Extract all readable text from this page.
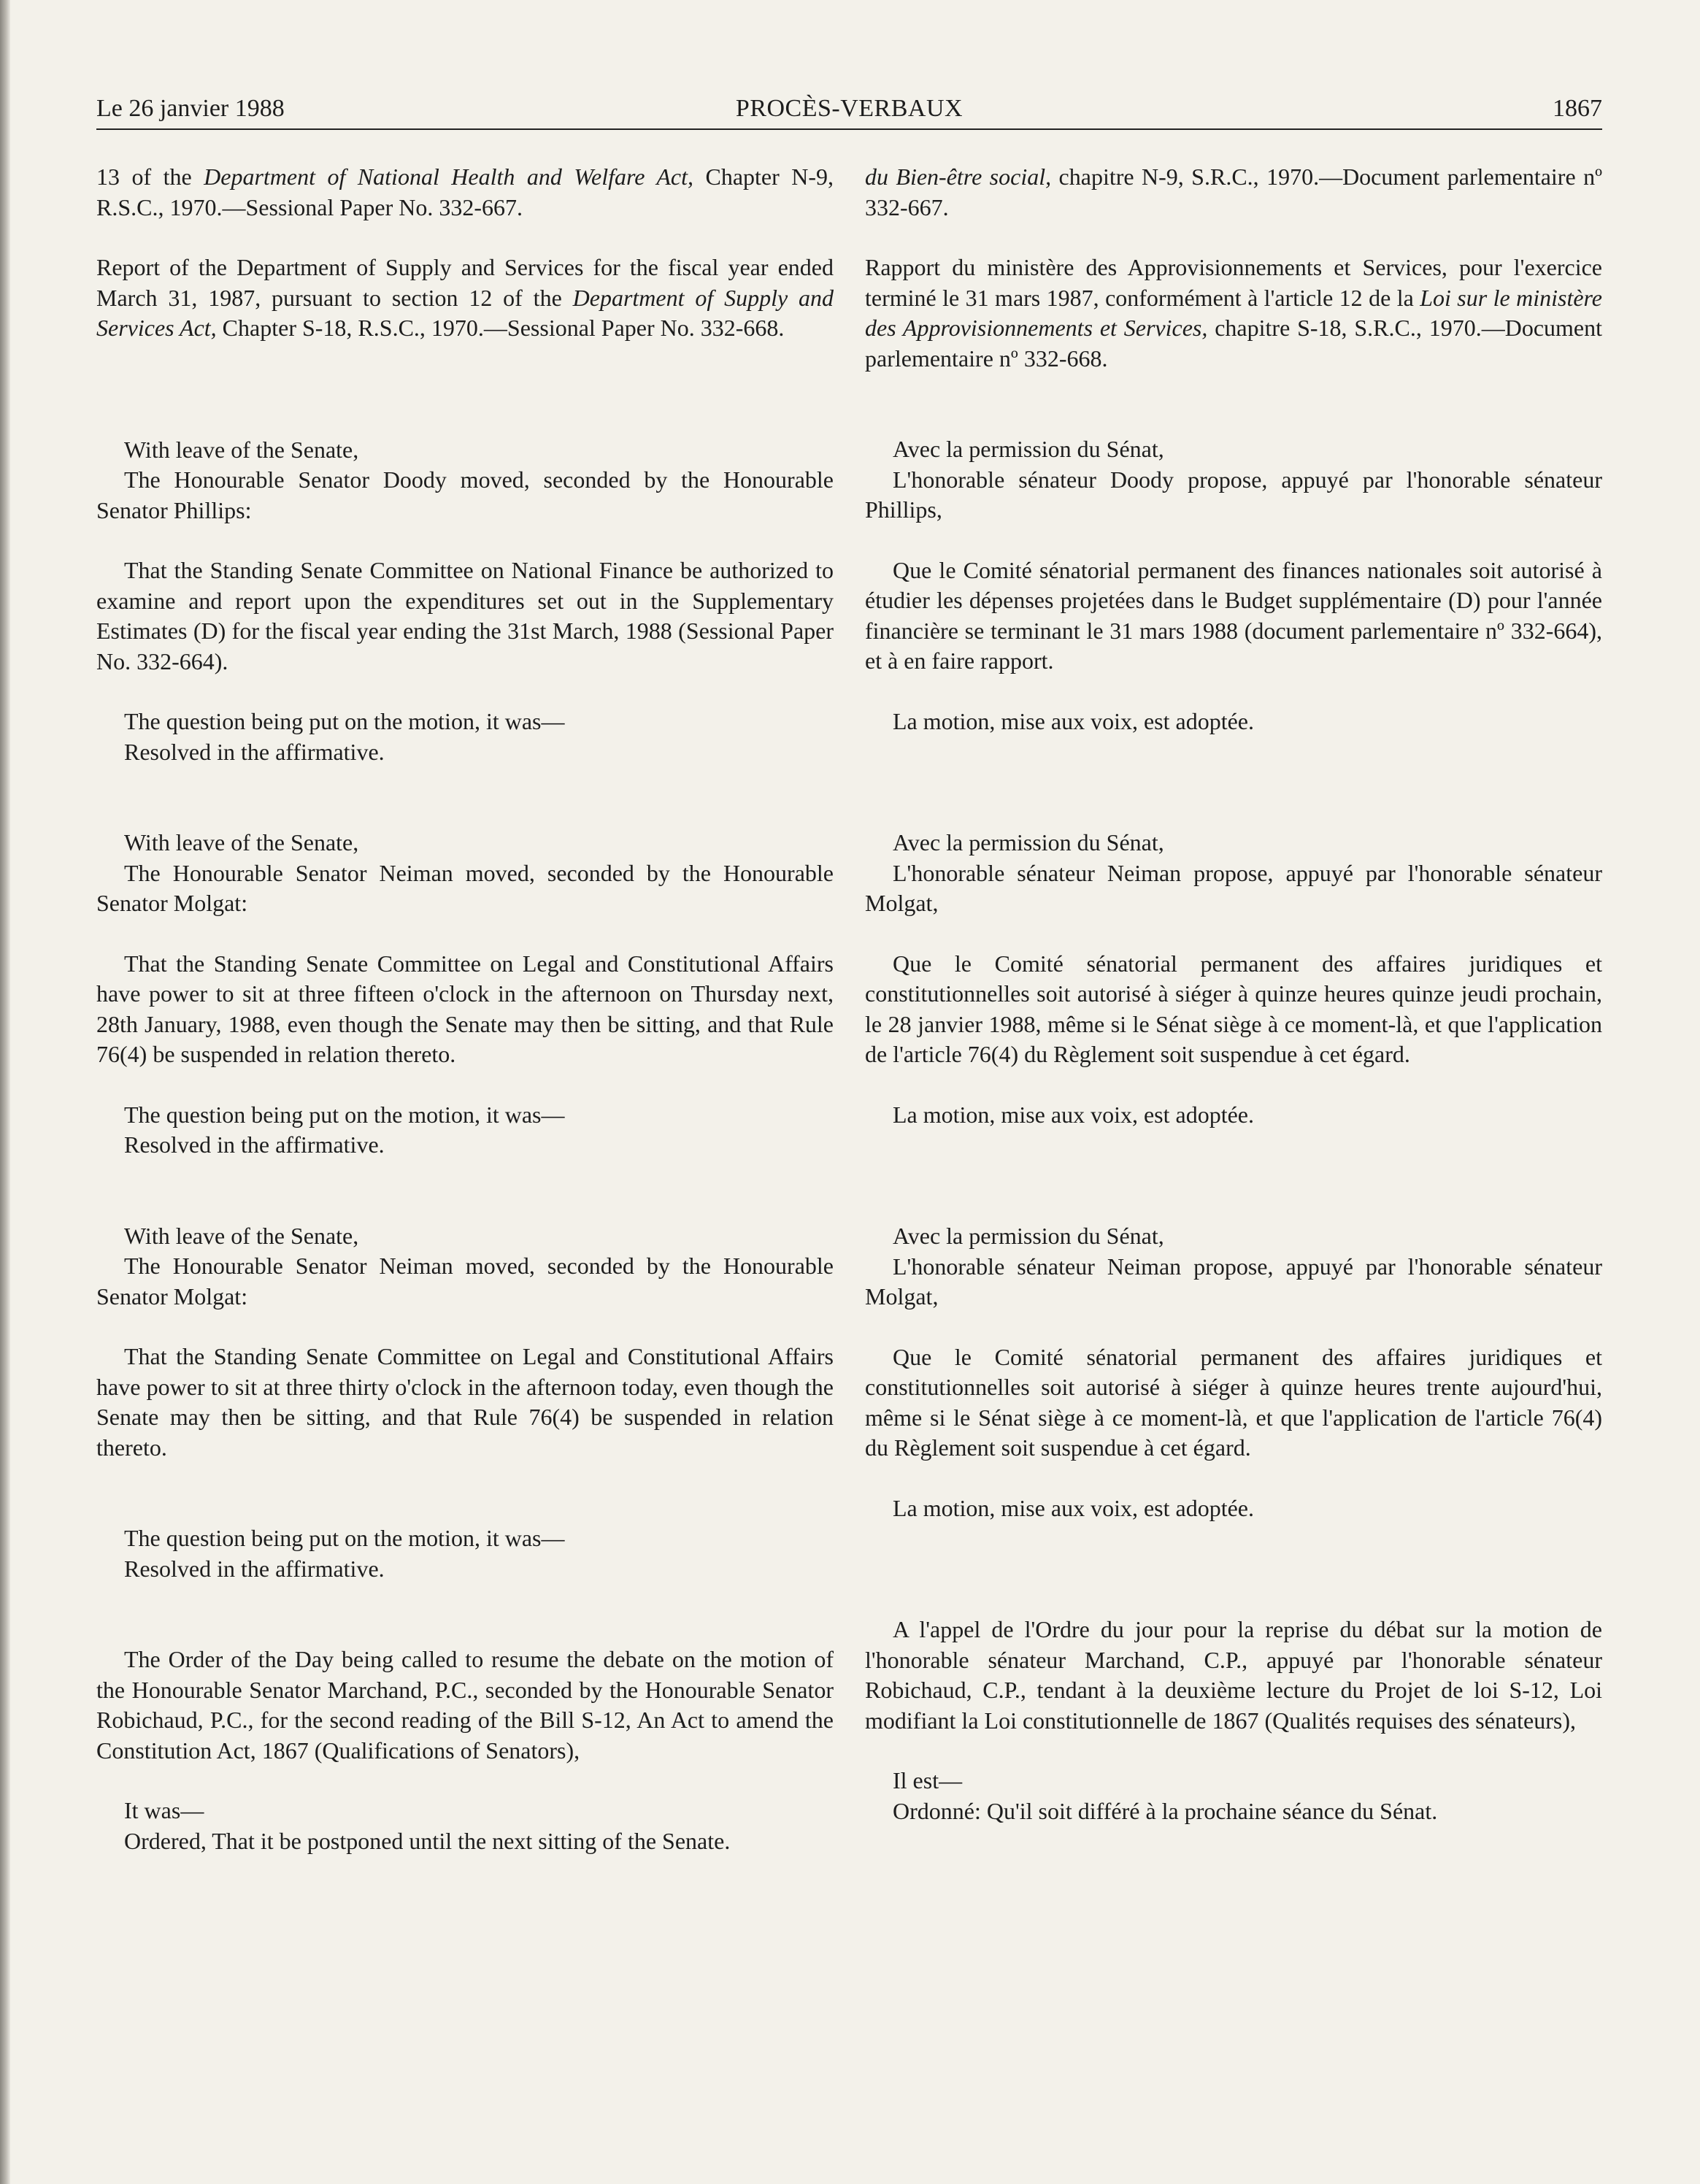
Le 26 janvier 1988	PROCÈS-VERBAUX	1867

13 of the Department of National Health and Welfare Act, Chapter N-9, R.S.C., 1970.—Sessional Paper No. 332-667.

Report of the Department of Supply and Services for the fiscal year ended March 31, 1987, pursuant to section 12 of the Department of Supply and Services Act, Chapter S-18, R.S.C., 1970.—Sessional Paper No. 332-668.

With leave of the Senate,

The Honourable Senator Doody moved, seconded by the Honourable Senator Phillips:

That the Standing Senate Committee on National Finance be authorized to examine and report upon the expenditures set out in the Supplementary Estimates (D) for the fiscal year ending the 31st March, 1988 (Sessional Paper No. 332-664).

The question being put on the motion, it was—

Resolved in the affirmative.

With leave of the Senate,

The Honourable Senator Neiman moved, seconded by the Honourable Senator Molgat:

That the Standing Senate Committee on Legal and Constitutional Affairs have power to sit at three fifteen o'clock in the afternoon on Thursday next, 28th January, 1988, even though the Senate may then be sitting, and that Rule 76(4) be suspended in relation thereto.

The question being put on the motion, it was—

Resolved in the affirmative.

With leave of the Senate,

The Honourable Senator Neiman moved, seconded by the Honourable Senator Molgat:

That the Standing Senate Committee on Legal and Constitutional Affairs have power to sit at three thirty o'clock in the afternoon today, even though the Senate may then be sitting, and that Rule 76(4) be suspended in relation thereto.

The question being put on the motion, it was—

Resolved in the affirmative.

The Order of the Day being called to resume the debate on the motion of the Honourable Senator Marchand, P.C., seconded by the Honourable Senator Robichaud, P.C., for the second reading of the Bill S-12, An Act to amend the Constitution Act, 1867 (Qualifications of Senators),

It was—

Ordered, That it be postponed until the next sitting of the Senate.

du Bien-être social, chapitre N-9, S.R.C., 1970.—Document parlementaire nº 332-667.

Rapport du ministère des Approvisionnements et Services, pour l'exercice terminé le 31 mars 1987, conformément à l'article 12 de la Loi sur le ministère des Approvisionnements et Services, chapitre S-18, S.R.C., 1970.—Document parlementaire nº 332-668.

Avec la permission du Sénat,

L'honorable sénateur Doody propose, appuyé par l'honorable sénateur Phillips,

Que le Comité sénatorial permanent des finances nationales soit autorisé à étudier les dépenses projetées dans le Budget supplémentaire (D) pour l'année financière se terminant le 31 mars 1988 (document parlementaire nº 332-664), et à en faire rapport.

La motion, mise aux voix, est adoptée.

Avec la permission du Sénat,

L'honorable sénateur Neiman propose, appuyé par l'honorable sénateur Molgat,

Que le Comité sénatorial permanent des affaires juridiques et constitutionnelles soit autorisé à siéger à quinze heures quinze jeudi prochain, le 28 janvier 1988, même si le Sénat siège à ce moment-là, et que l'application de l'article 76(4) du Règlement soit suspendue à cet égard.

La motion, mise aux voix, est adoptée.

Avec la permission du Sénat,

L'honorable sénateur Neiman propose, appuyé par l'honorable sénateur Molgat,

Que le Comité sénatorial permanent des affaires juridiques et constitutionnelles soit autorisé à siéger à quinze heures trente aujourd'hui, même si le Sénat siège à ce moment-là, et que l'application de l'article 76(4) du Règlement soit suspendue à cet égard.

La motion, mise aux voix, est adoptée.

A l'appel de l'Ordre du jour pour la reprise du débat sur la motion de l'honorable sénateur Marchand, C.P., appuyé par l'honorable sénateur Robichaud, C.P., tendant à la deuxième lecture du Projet de loi S-12, Loi modifiant la Loi constitutionnelle de 1867 (Qualités requises des sénateurs),

Il est—

Ordonné: Qu'il soit différé à la prochaine séance du Sénat.
